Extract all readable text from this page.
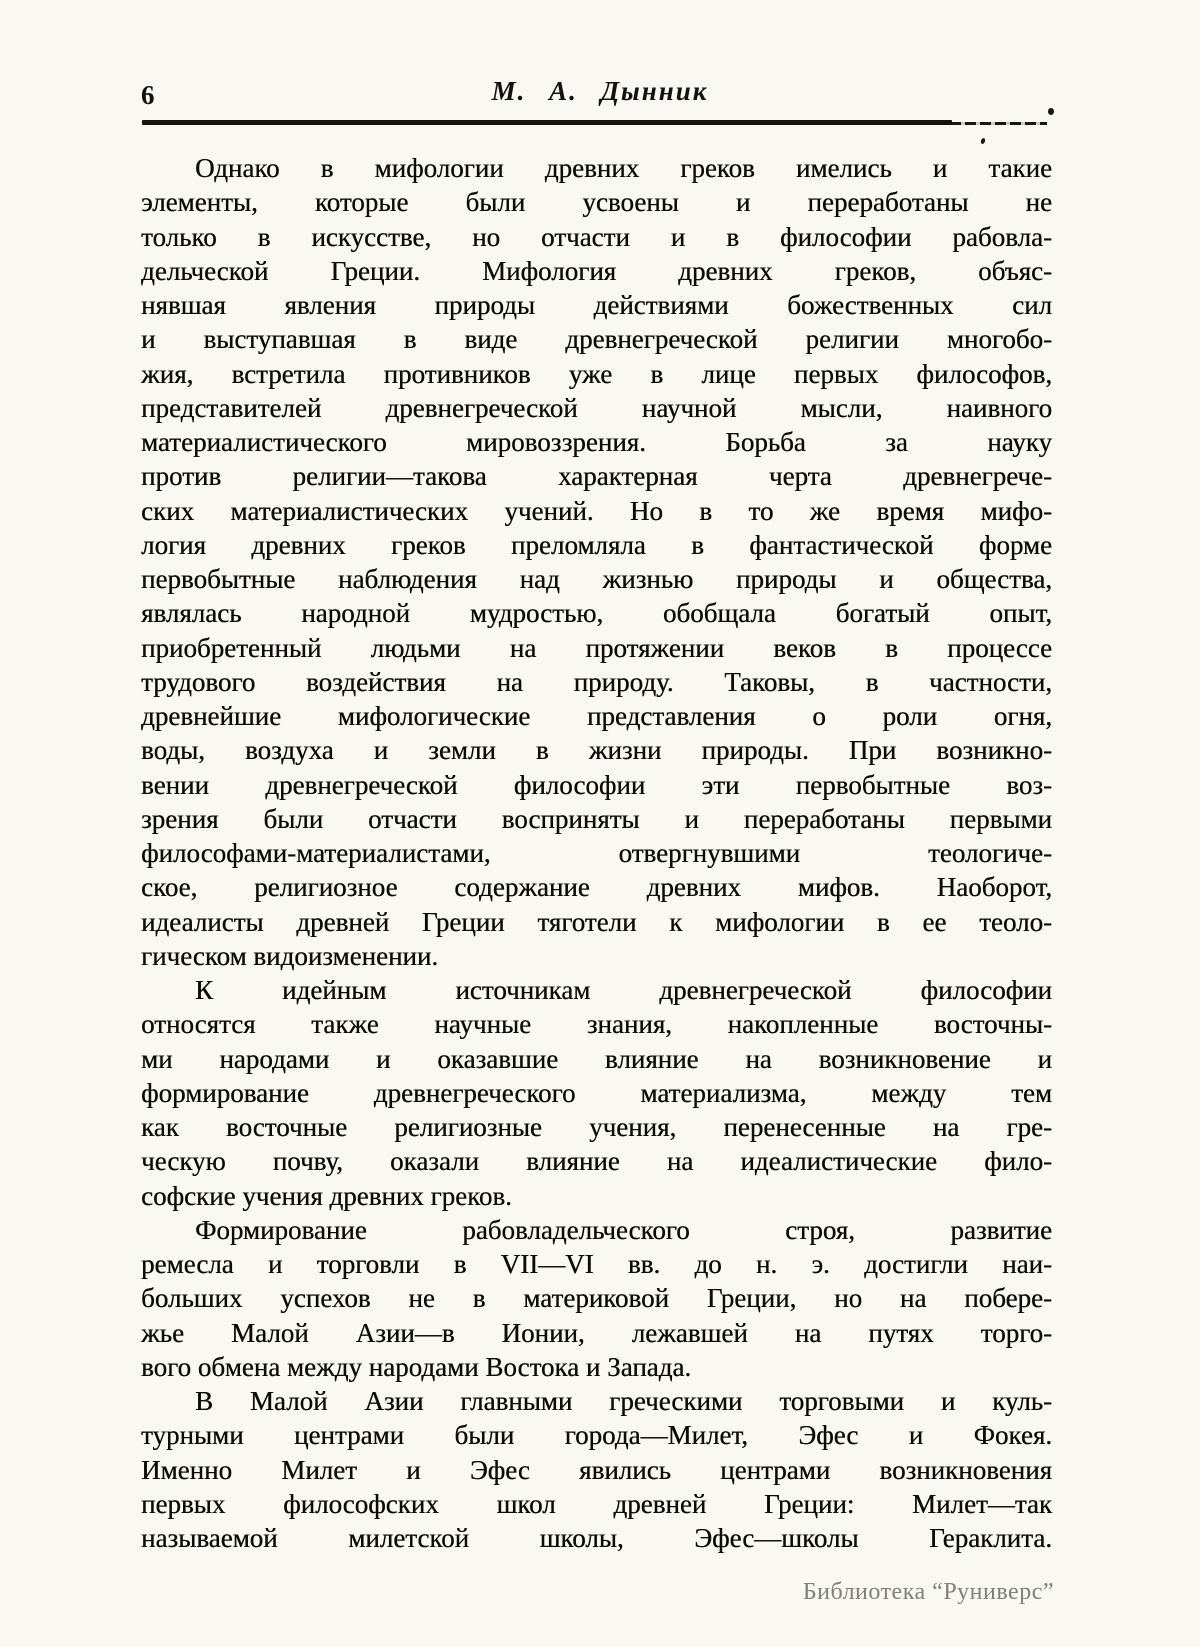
6	М. А. Дынник
Однако в мифологии древних греков имелись и такие
элементы, которые были усвоены и переработаны не
только в искусстве, но отчасти и в философии рабовла-
дельческой Греции. Мифология древних греков, объяс-
нявшая явления природы действиями божественных сил
и выступавшая в виде древнегреческой религии многобо-
жия, встретила противников уже в лице первых философов,
представителей древнегреческой научной мысли, наивного
материалистического мировоззрения. Борьба за науку
против религии—такова характерная черта древнегрече-
ских материалистических учений. Но в то же время мифо-
логия древних греков преломляла в фантастической форме
первобытные наблюдения над жизнью природы и общества,
являлась народной мудростью, обобщала богатый опыт,
приобретенный людьми на протяжении веков в процессе
трудового воздействия на природу. Таковы, в частности,
древнейшие мифологические представления о роли огня,
воды, воздуха и земли в жизни природы. При возникно-
вении древнегреческой философии эти первобытные воз-
зрения были отчасти восприняты и переработаны первыми
философами-материалистами, отвергнувшими теологиче-
ское, религиозное содержание древних мифов. Наоборот,
идеалисты древней Греции тяготели к мифологии в ее теоло-
гическом видоизменении.
К идейным источникам древнегреческой философии
относятся также научные знания, накопленные восточны-
ми народами и оказавшие влияние на возникновение и
формирование древнегреческого материализма, между тем
как восточные религиозные учения, перенесенные на гре-
ческую почву, оказали влияние на идеалистические фило-
софские учения древних греков.
Формирование рабовладельческого строя, развитие
ремесла и торговли в VII—VI вв. до н. э. достигли наи-
больших успехов не в материковой Греции, но на побере-
жье Малой Азии—в Ионии, лежавшей на путях торго-
вого обмена между народами Востока и Запада.
В Малой Азии главными греческими торговыми и куль-
турными центрами были города—Милет, Эфес и Фокея.
Именно Милет и Эфес явились центрами возникновения
первых философских школ древней Греции: Милет—так
называемой милетской школы, Эфес—школы Гераклита.
Библиотека “Руниверс”
